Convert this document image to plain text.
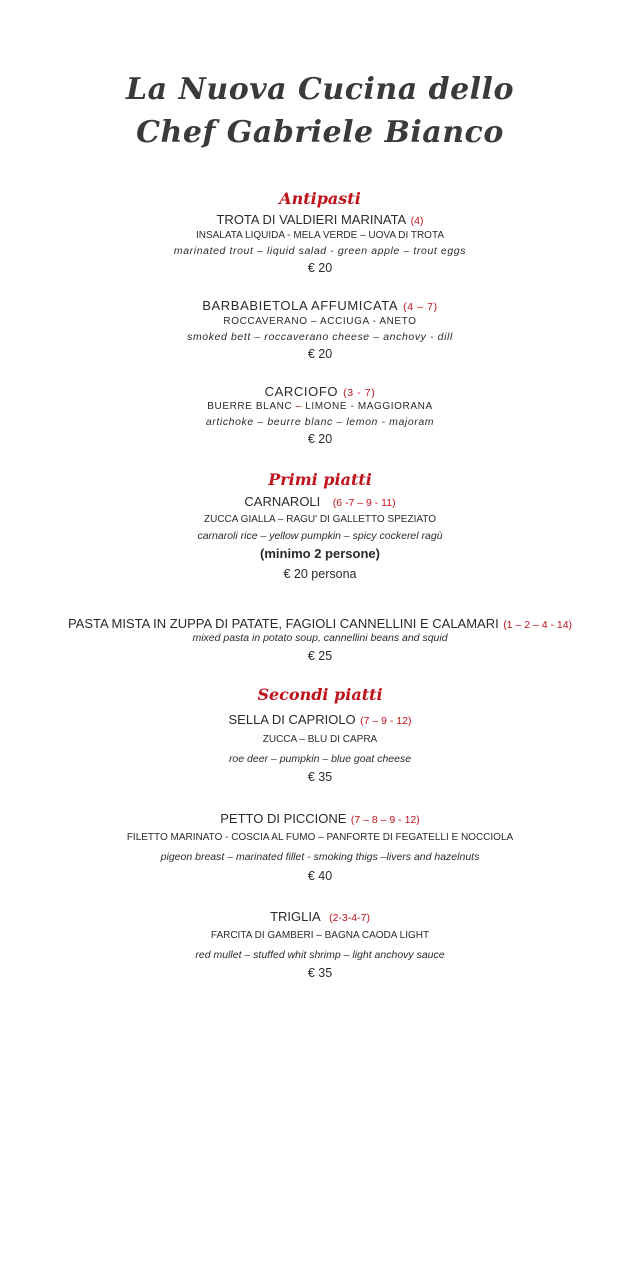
La Nuova Cucina dello
Chef Gabriele Bianco
Antipasti
TROTA DI VALDIERI MARINATA (4)
INSALATA LIQUIDA - MELA VERDE – UOVA DI TROTA
marinated trout – liquid salad - green apple – trout eggs
€ 20
BARBABIETOLA AFFUMICATA (4 – 7)
ROCCAVERANO – ACCIUGA - ANETO
smoked bett – roccaverano cheese – anchovy - dill
€ 20
CARCIOFO (3 - 7)
BUERRE BLANC – LIMONE - MAGGIORANA
artichoke – beurre blanc – lemon - majoram
€ 20
Primi piatti
CARNAROLI (6 -7 – 9 - 11)
ZUCCA GIALLA – RAGU' DI GALLETTO SPEZIATO
carnaroli rice – yellow pumpkin – spicy cockerel ragù
(minimo 2 persone)
€ 20 persona
PASTA MISTA IN ZUPPA DI PATATE, FAGIOLI CANNELLINI E CALAMARI (1 – 2 – 4 - 14)
mixed pasta in potato soup, cannellini beans and squid
€ 25
Secondi piatti
SELLA DI CAPRIOLO (7 – 9 - 12)
ZUCCA – BLU DI CAPRA
roe deer – pumpkin – blue goat cheese
€ 35
PETTO DI PICCIONE (7 – 8 – 9 - 12)
FILETTO MARINATO - COSCIA AL FUMO – PANFORTE DI FEGATELLI E NOCCIOLA
pigeon breast – marinated fillet - smoking thigs –livers and hazelnuts
€ 40
TRIGLIA (2-3-4-7)
FARCITA DI GAMBERI – BAGNA CAODA LIGHT
red mullet – stuffed whit shrimp – light anchovy sauce
€ 35
